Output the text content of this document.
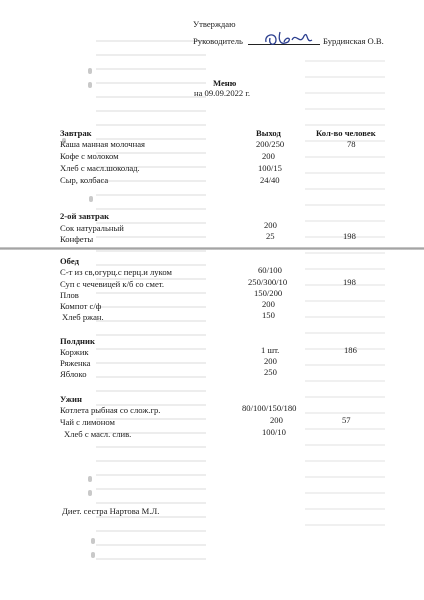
Утверждаю
Руководитель	Бурдинская О.В.
Меню
на 09.09.2022 г.
Завтрак	Выход	Кол-во человек
Каша манная молочная	200/250	78
Кофе с молоком	200
Хлеб с масл.шоколад.	100/15
Сыр, колбаса	24/40
2-ой завтрак
Сок натуральный	200
Конфеты	25	198
Обед
С-т из св,огурц.с перц.и луком	60/100
Суп с чечевицей к/б со смет.	250/300/10	198
Плов	150/200
Компот с/ф	200
Хлеб ржан.	150
Полдник
Коржик	1 шт.	186
Ряженка	200
Яблоко	250
Ужин
Котлета рыбная со слож.гр.	80/100/150/180
Чай с лимоном	200	57
Хлеб с масл. слив.	100/10
Диет. сестра Нартова М.Л.
